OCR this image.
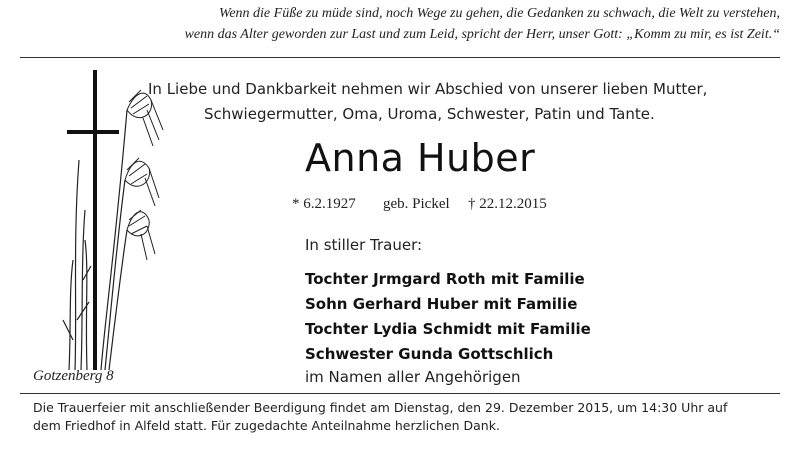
Wenn die Füße zu müde sind, noch Wege zu gehen, die Gedanken zu schwach, die Welt zu verstehen,
wenn das Alter geworden zur Last und zum Leid, spricht der Herr, unser Gott: „Komm zu mir, es ist Zeit.“
In Liebe und Dankbarkeit nehmen wir Abschied von unserer lieben Mutter,
Schwiegermutter, Oma, Uroma, Schwester, Patin und Tante.
Anna Huber
* 6.2.1927 geb. Pickel † 22.12.2015
In stiller Trauer:
Tochter Jrmgard Roth mit Familie
Sohn Gerhard Huber mit Familie
Tochter Lydia Schmidt mit Familie
Schwester Gunda Gottschlich
im Namen aller Angehörigen
Gotzenberg 8
Die Trauerfeier mit anschließender Beerdigung findet am Dienstag, den 29. Dezember 2015, um 14:30 Uhr auf
dem Friedhof in Alfeld statt. Für zugedachte Anteilnahme herzlichen Dank.
